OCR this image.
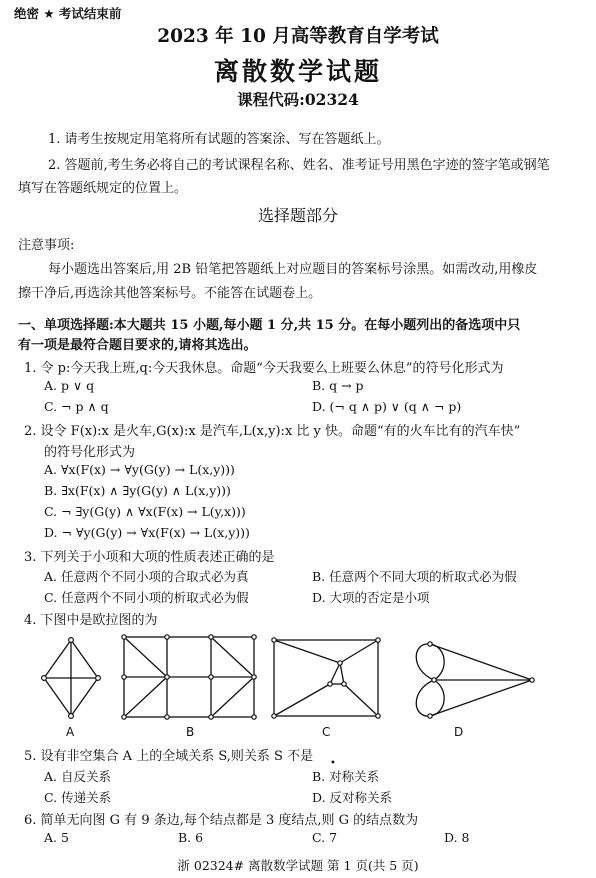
绝密 ★ 考试结束前
2023 年 10 月高等教育自学考试
离散数学试题
课程代码:02324
1. 请考生按规定用笔将所有试题的答案涂、写在答题纸上。
2. 答题前,考生务必将自己的考试课程名称、姓名、准考证号用黑色字迹的签字笔或钢笔
填写在答题纸规定的位置上。
选择题部分
注意事项:
每小题选出答案后,用 2B 铅笔把答题纸上对应题目的答案标号涂黑。如需改动,用橡皮
擦干净后,再选涂其他答案标号。不能答在试题卷上。
一、单项选择题:本大题共 15 小题,每小题 1 分,共 15 分。在每小题列出的备选项中只
有一项是最符合题目要求的,请将其选出。
1. 令 p:今天我上班,q:今天我休息。命题“今天我要么上班要么休息”的符号化形式为
A. p ∨ q	B. q → p
C. ¬ p ∧ q	D. (¬ q ∧ p) ∨ (q ∧ ¬ p)
2. 设令 F(x):x 是火车,G(x):x 是汽车,L(x,y):x 比 y 快。命题“有的火车比有的汽车快”
的符号化形式为
A. ∀x(F(x) → ∀y(G(y) → L(x,y)))
B. ∃x(F(x) ∧ ∃y(G(y) ∧ L(x,y)))
C. ¬ ∃y(G(y) ∧ ∀x(F(x) → L(y,x)))
D. ¬ ∀y(G(y) → ∀x(F(x) → L(x,y)))
3. 下列关于小项和大项的性质表述正确的是
A. 任意两个不同小项的合取式必为真	B. 任意两个不同大项的析取式必为假
C. 任意两个不同小项的析取式必为假	D. 大项的否定是小项
4. 下图中是欧拉图的为
A	B	C	D
5. 设有非空集合 A 上的全域关系 S,则关系 S 不是 •
A. 自反关系	B. 对称关系
C. 传递关系	D. 反对称关系
6. 简单无向图 G 有 9 条边,每个结点都是 3 度结点,则 G 的结点数为
A. 5	B. 6	C. 7	D. 8
浙 02324# 离散数学试题 第 1 页(共 5 页)
